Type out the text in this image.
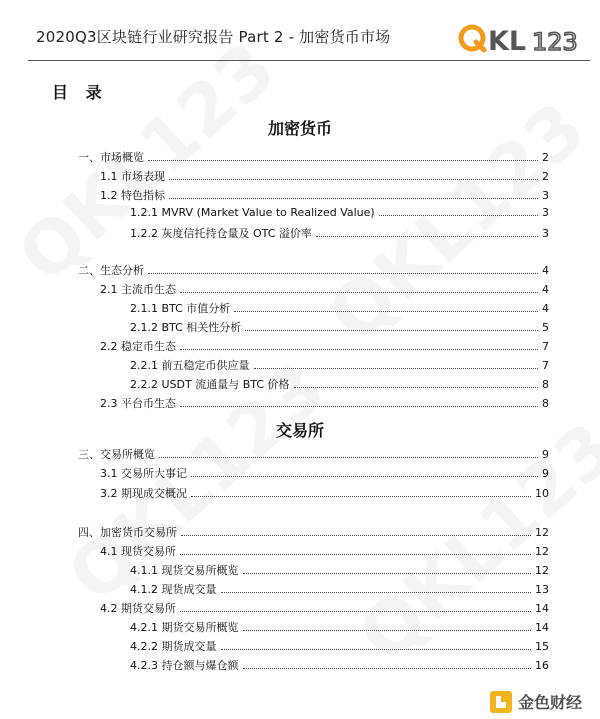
2020Q3区块链行业研究报告 Part 2 - 加密货币市场	KL 123
目 录
加密货币
一、市场概览	2
1.1 市场表现	2
1.2 特色指标	3
1.2.1 MVRV (Market Value to Realized Value)	3
1.2.2 灰度信托持仓量及 OTC 溢价率	3
二、生态分析	4
2.1 主流币生态	4
2.1.1 BTC 市值分析	4
2.1.2 BTC 相关性分析	5
2.2 稳定币生态	7
2.2.1 前五稳定币供应量	7
2.2.2 USDT 流通量与 BTC 价格	8
2.3 平台币生态	8
交易所
三、交易所概览	9
3.1 交易所大事记	9
3.2 期现成交概况	10
四、加密货币交易所	12
4.1 现货交易所	12
4.1.1 现货交易所概览	12
4.1.2 现货成交量	13
4.2 期货交易所	14
4.2.1 期货交易所概览	14
4.2.2 期货成交量	15
4.2.3 持仓额与爆仓额	16
金色财经
